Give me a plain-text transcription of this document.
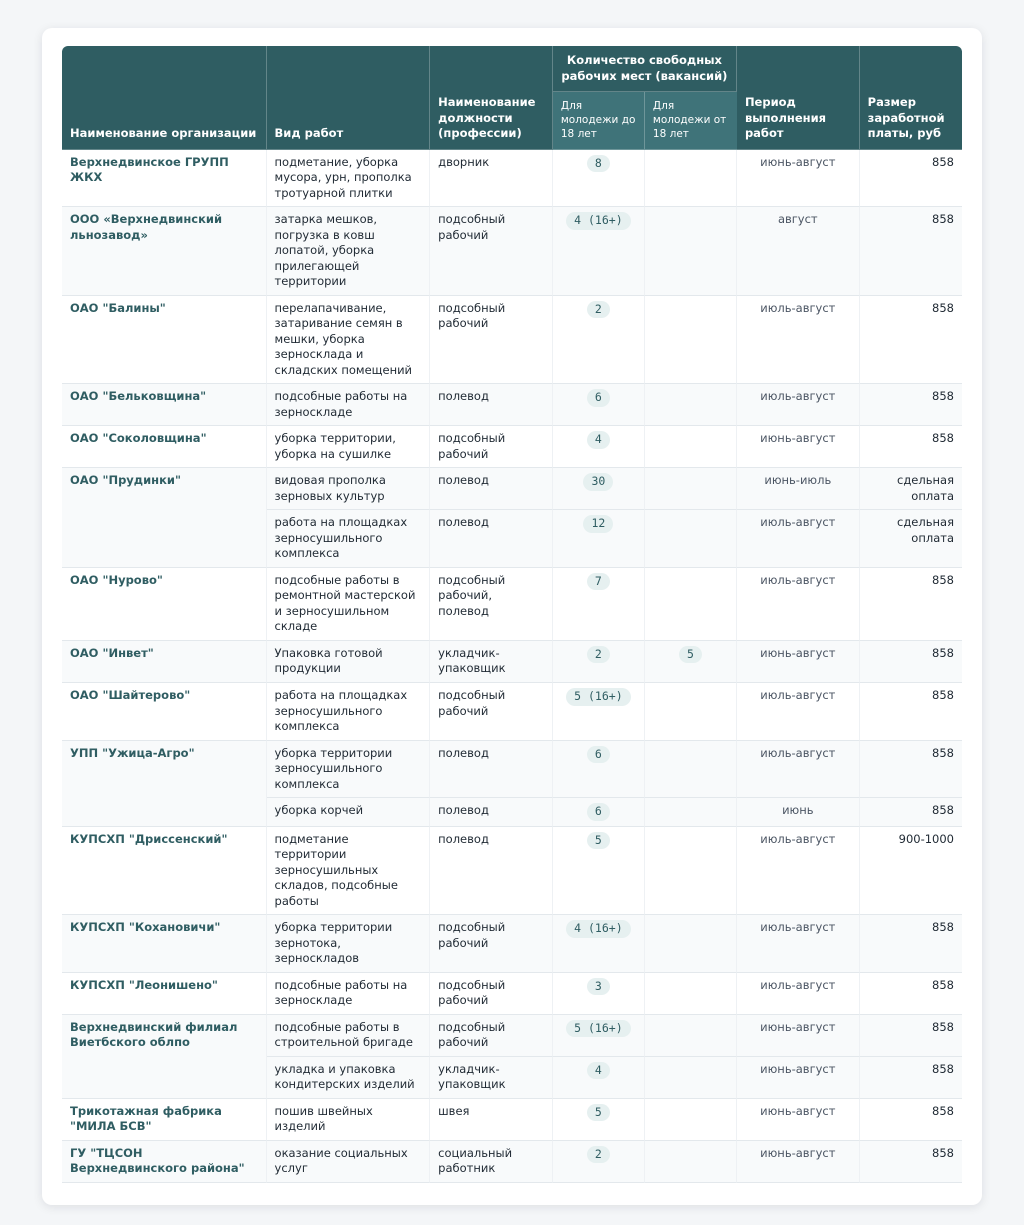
Наименование организации	Вид работ	Наименование должности (профессии)	Количество свободных рабочих мест (вакансий)		Период выполнения работ	Размер заработной платы, руб
			Для молодежи до 18 лет	Для молодежи от 18 лет		
Верхнедвинское ГРУПП ЖКХ	подметание, уборка мусора, урн, прополка тротуарной плитки	дворник	8		июнь-август	858
ООО «Верхнедвинский льнозавод»	затарка мешков, погрузка в ковш лопатой, уборка прилегающей территории	подсобный рабочий	4 (16+)		август	858
ОАО "Балины"	перелапачивание, затаривание семян в мешки, уборка зерносклада и складских помещений	подсобный рабочий	2		июль-август	858
ОАО "Бельковщина"	подсобные работы на зерноскладе	полевод	6		июль-август	858
ОАО "Соколовщина"	уборка территории, уборка на сушилке	подсобный рабочий	4		июнь-август	858
ОАО "Прудинки"	видовая прополка зерновых культур	полевод	30		июнь-июль	сдельная оплата
	работа на площадках зерносушильного комплекса	полевод	12		июль-август	сдельная оплата
ОАО "Нурово"	подсобные работы в ремонтной мастерской и зерносушильном складе	подсобный рабочий, полевод	7		июль-август	858
ОАО "Инвет"	Упаковка готовой продукции	укладчик-упаковщик	2	5	июнь-август	858
ОАО "Шайтерово"	работа на площадках зерносушильного комплекса	подсобный рабочий	5 (16+)		июль-август	858
УПП "Ужица-Агро"	уборка территории зерносушильного комплекса	полевод	6		июль-август	858
	уборка корчей	полевод	6		июнь	858
КУПСХП "Дриссенский"	подметание территории зерносушильных складов, подсобные работы	полевод	5		июль-август	900-1000
КУПСХП "Кохановичи"	уборка территории зернотока, зерноскладов	подсобный рабочий	4 (16+)		июль-август	858
КУПСХП "Леонишено"	подсобные работы на зерноскладе	подсобный рабочий	3		июль-август	858
Верхнедвинский филиал Виетбского облпо	подсобные работы в строительной бригаде	подсобный рабочий	5 (16+)		июнь-август	858
	укладка и упаковка кондитерских изделий	укладчик-упаковщик	4		июнь-август	858
Трикотажная фабрика "МИЛА БСВ"	пошив швейных изделий	швея	5		июнь-август	858
ГУ "ТЦСОН Верхнедвинского района"	оказание социальных услуг	социальный работник	2		июнь-август	858
